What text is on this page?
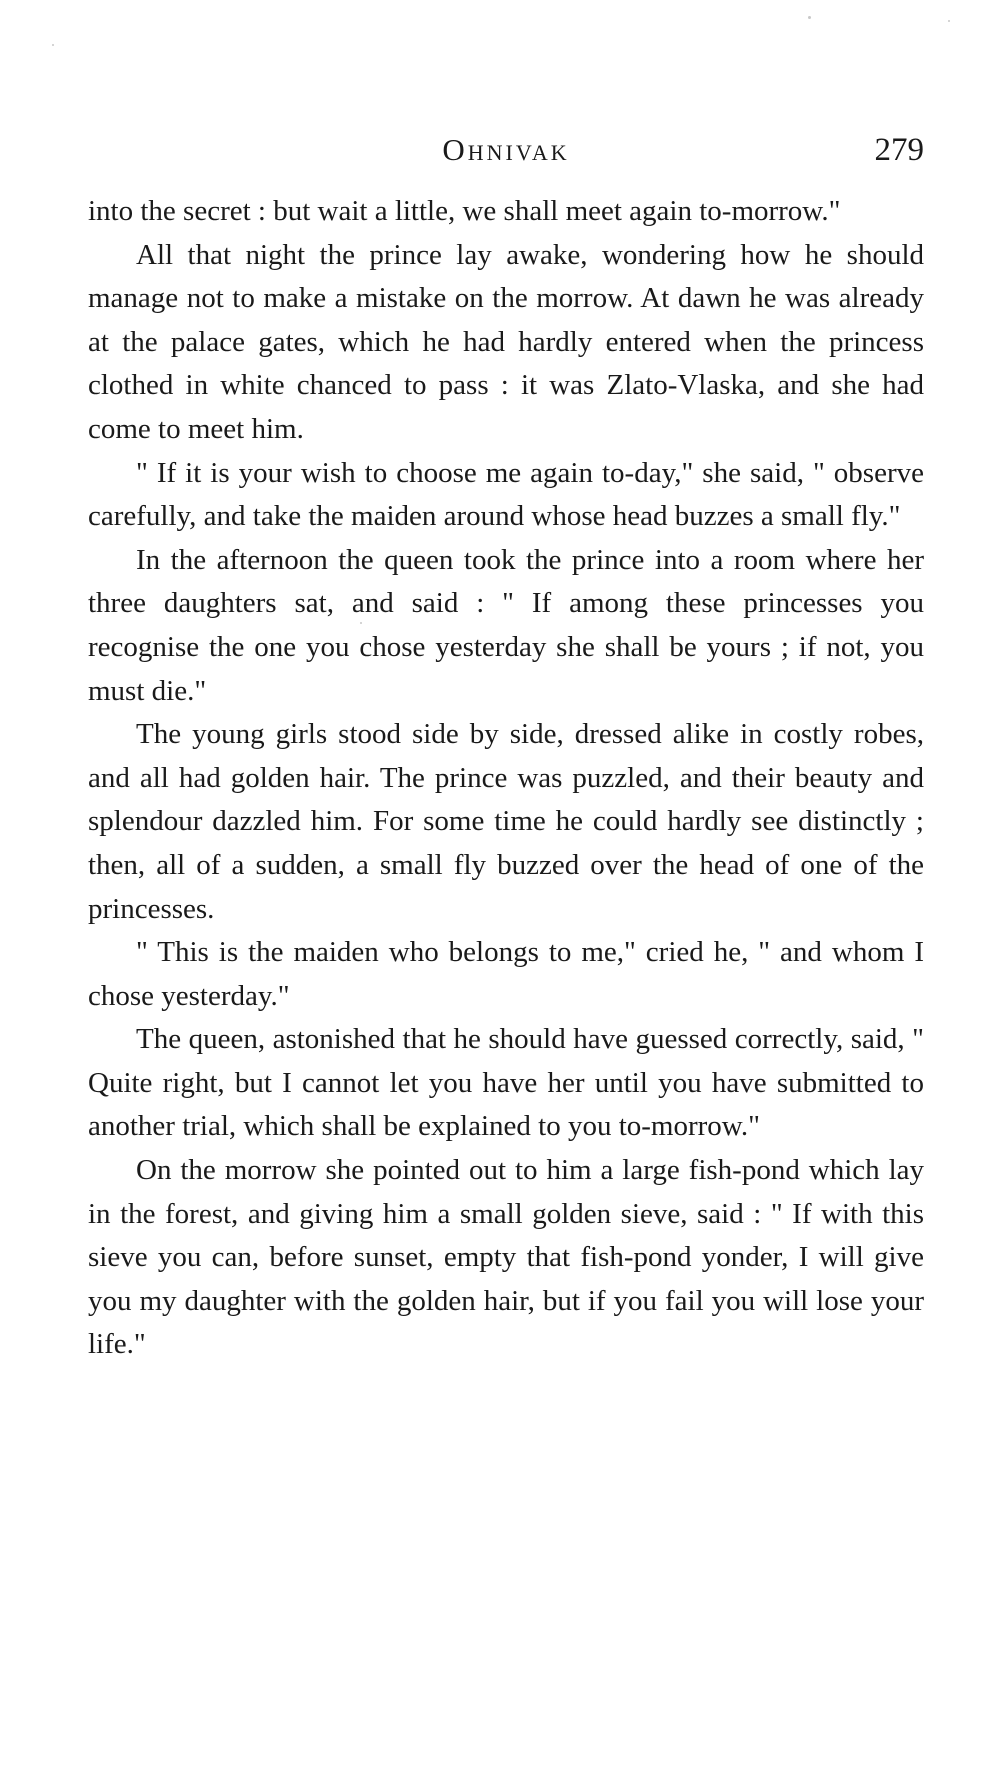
Ohnivak	279

into the secret : but wait a little, we shall meet again to-morrow."

All that night the prince lay awake, wondering how he should manage not to make a mistake on the morrow. At dawn he was already at the palace gates, which he had hardly entered when the princess clothed in white chanced to pass : it was Zlato-Vlaska, and she had come to meet him.

" If it is your wish to choose me again to-day," she said, " observe carefully, and take the maiden around whose head buzzes a small fly."

In the afternoon the queen took the prince into a room where her three daughters sat, and said : " If among these princesses you recognise the one you chose yesterday she shall be yours ; if not, you must die."

The young girls stood side by side, dressed alike in costly robes, and all had golden hair. The prince was puzzled, and their beauty and splendour dazzled him. For some time he could hardly see distinctly ; then, all of a sudden, a small fly buzzed over the head of one of the princesses.

" This is the maiden who belongs to me," cried he, " and whom I chose yesterday."

The queen, astonished that he should have guessed correctly, said, " Quite right, but I cannot let you have her until you have submitted to another trial, which shall be explained to you to-morrow."

On the morrow she pointed out to him a large fish-pond which lay in the forest, and giving him a small golden sieve, said : " If with this sieve you can, before sunset, empty that fish-pond yonder, I will give you my daughter with the golden hair, but if you fail you will lose your life."
